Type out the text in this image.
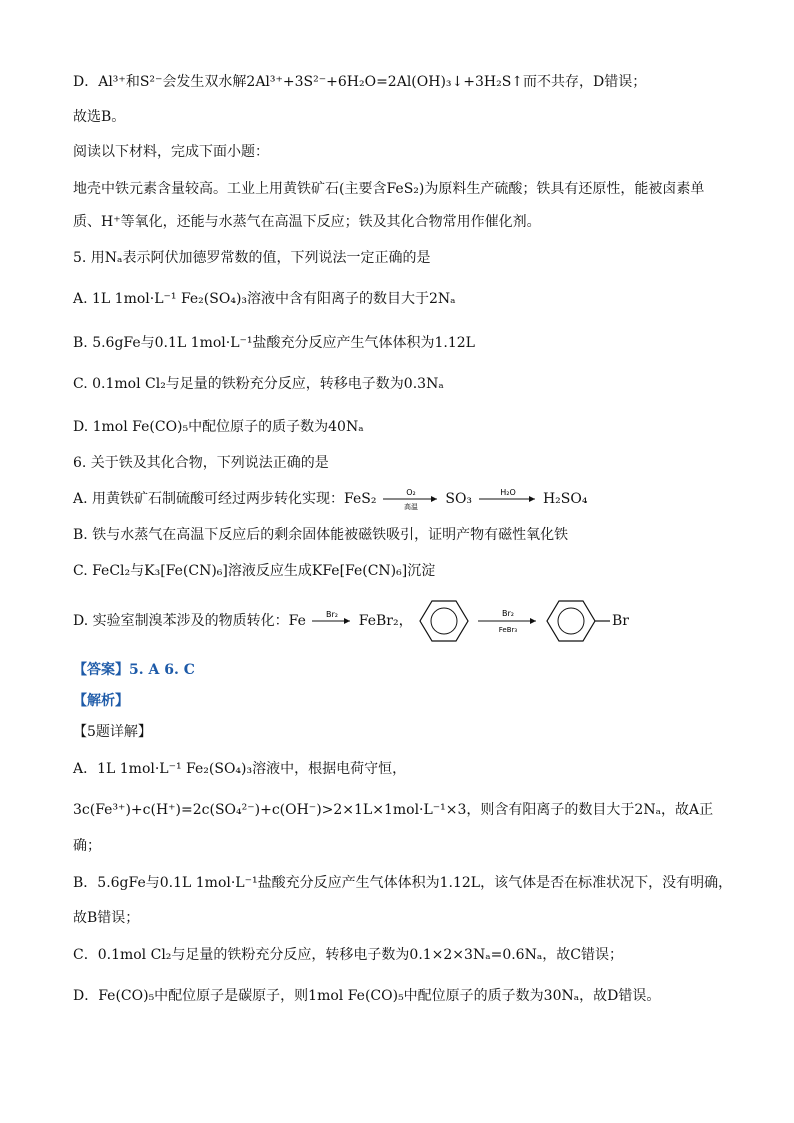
D．Al³⁺和S²⁻会发生双水解2Al³⁺+3S²⁻+6H₂O=2Al(OH)₃↓+3H₂S↑而不共存，D错误；
故选B。
阅读以下材料，完成下面小题：
地壳中铁元素含量较高。工业上用黄铁矿石(主要含FeS₂)为原料生产硫酸；铁具有还原性，能被卤素单
质、H⁺等氧化，还能与水蒸气在高温下反应；铁及其化合物常用作催化剂。
5. 用Nₐ表示阿伏加德罗常数的值，下列说法一定正确的是
A. 1L 1mol·L⁻¹ Fe₂(SO₄)₃溶液中含有阳离子的数目大于2Nₐ
B. 5.6gFe与0.1L 1mol·L⁻¹盐酸充分反应产生气体体积为1.12L
C. 0.1mol Cl₂与足量的铁粉充分反应，转移电子数为0.3Nₐ
D. 1mol Fe(CO)₅中配位原子的质子数为40Nₐ
6. 关于铁及其化合物，下列说法正确的是
A. 用黄铁矿石制硫酸可经过两步转化实现：FeS₂	O₂
高温 SO₃	H₂O H₂SO₄
B. 铁与水蒸气在高温下反应后的剩余固体能被磁铁吸引，证明产物有磁性氧化铁
C. FeCl₂与K₃[Fe(CN)₆]溶液反应生成KFe[Fe(CN)₆]沉淀
D. 实验室制溴苯涉及的物质转化：Fe	Br₂ FeBr₂，	Br₂
FeBr₃

Br
【答案】5. A 6. C
【解析】
【5题详解】
A．1L 1mol·L⁻¹ Fe₂(SO₄)₃溶液中，根据电荷守恒，
3c(Fe³⁺)+c(H⁺)=2c(SO₄²⁻)+c(OH⁻)>2×1L×1mol·L⁻¹×3，则含有阳离子的数目大于2Nₐ，故A正
确；
B．5.6gFe与0.1L 1mol·L⁻¹盐酸充分反应产生气体体积为1.12L，该气体是否在标准状况下，没有明确，
故B错误；
C．0.1mol Cl₂与足量的铁粉充分反应，转移电子数为0.1×2×3Nₐ=0.6Nₐ，故C错误；
D．Fe(CO)₅中配位原子是碳原子，则1mol Fe(CO)₅中配位原子的质子数为30Nₐ，故D错误。
